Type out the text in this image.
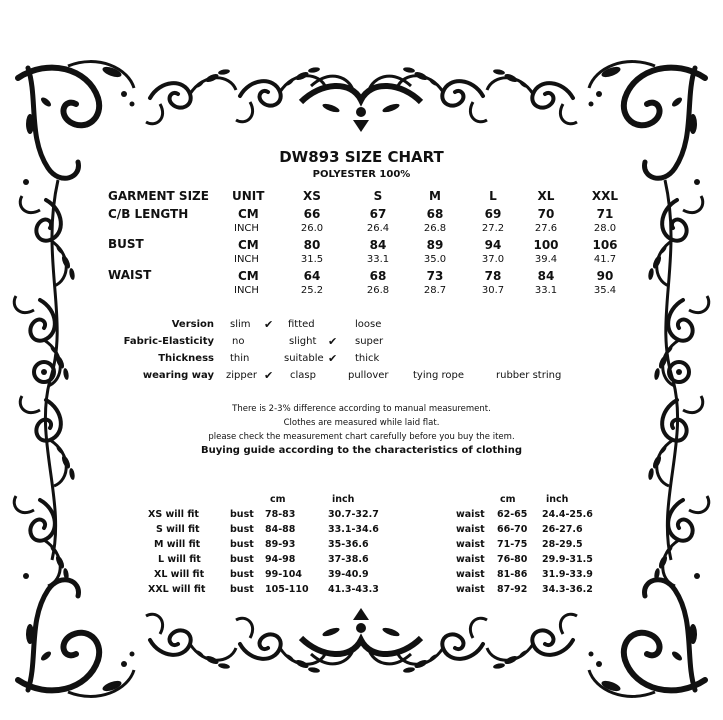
DW893 SIZE CHART
POLYESTER 100%
GARMENT SIZE UNIT	XS	S	M	L	XL	XXL
C/B LENGTH	CM	66	67	68	69	70	71
INCH	26.0	26.4	26.8	27.2	27.6	28.0
BUST	CM	80	84	89	94	100	106
INCH	31.5	33.1	35.0	37.0	39.4	41.7
WAIST	CM	64	68	73	78	84	90
INCH	25.2	26.8	28.7	30.7	33.1	35.4
Version slim ✔ fitted	loose
Fabric-Elasticity no	slight ✔ super
Thickness thin	suitable ✔ thick
wearing way zipper ✔ clasp	pullover tying rope	rubber string
There is 2-3% difference according to manual measurement.
Clothes are measured while laid flat.
please check the measurement chart carefully before you buy the item.
Buying guide according to the characteristics of clothing
cm	inch	cm	inch
XS will fit	bust 78-83	30.7-32.7	waist 62-65 24.4-25.6
S will fit	bust 84-88	33.1-34.6	waist 66-70 26-27.6
M will fit	bust 89-93	35-36.6	waist 71-75 28-29.5
L will fit	bust 94-98	37-38.6	waist 76-80 29.9-31.5
XL will fit	bust 99-104	39-40.9	waist 81-86 31.9-33.9
XXL will fit	bust 105-110 41.3-43.3	waist 87-92 34.3-36.2
